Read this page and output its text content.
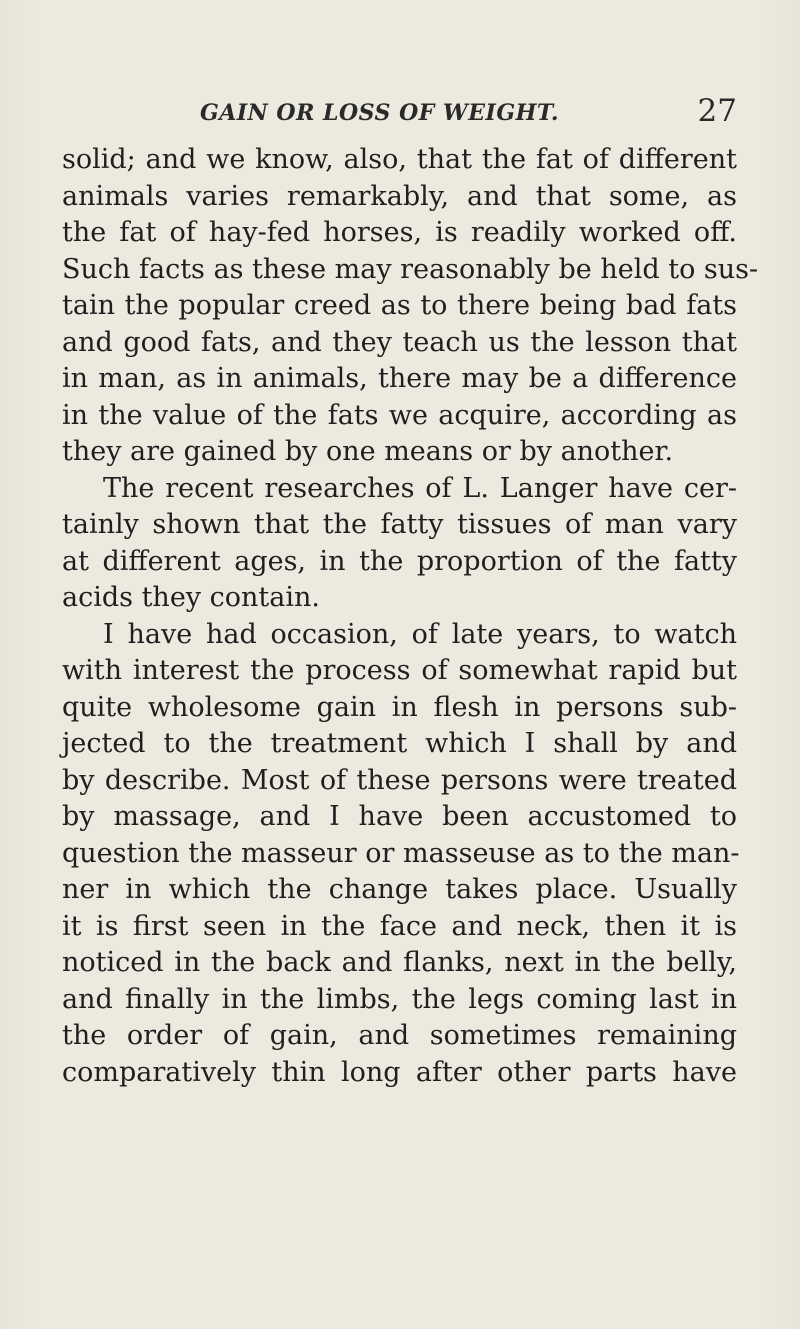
GAIN OR LOSS OF WEIGHT.	27
solid; and we know, also, that the fat of different
animals varies remarkably, and that some, as
the fat of hay-fed horses, is readily worked off.
Such facts as these may reasonably be held to sus-
tain the popular creed as to there being bad fats
and good fats, and they teach us the lesson that
in man, as in animals, there may be a difference
in the value of the fats we acquire, according as
they are gained by one means or by another.
The recent researches of L. Langer have cer-
tainly shown that the fatty tissues of man vary
at different ages, in the proportion of the fatty
acids they contain.
I have had occasion, of late years, to watch
with interest the process of somewhat rapid but
quite wholesome gain in flesh in persons sub-
jected to the treatment which I shall by and
by describe. Most of these persons were treated
by massage, and I have been accustomed to
question the masseur or masseuse as to the man-
ner in which the change takes place. Usually
it is first seen in the face and neck, then it is
noticed in the back and flanks, next in the belly,
and finally in the limbs, the legs coming last in
the order of gain, and sometimes remaining
comparatively thin long after other parts have
